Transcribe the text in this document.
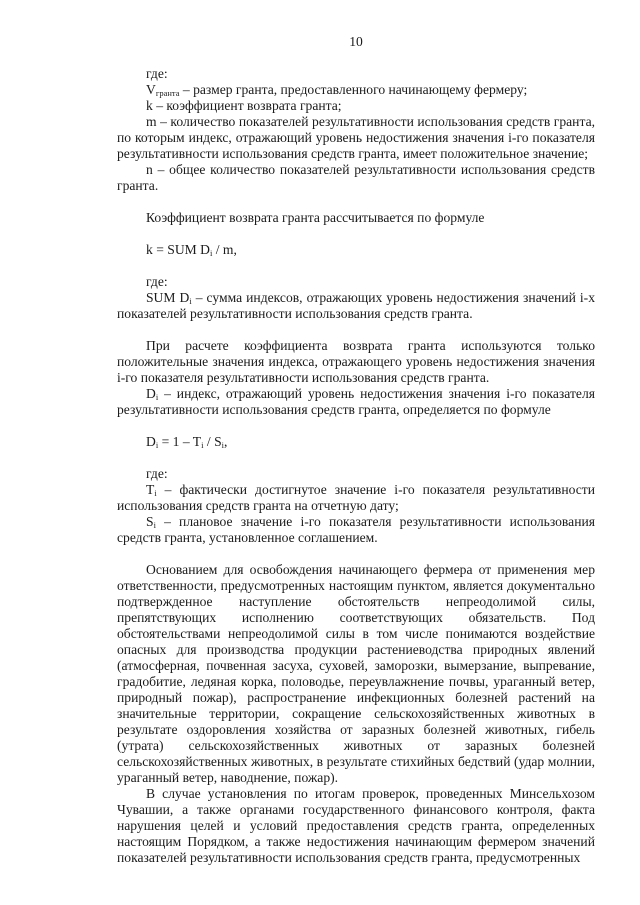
10

где:

$V_{гранта}$ – размер гранта, предоставленного начинающему фермеру;

k – коэффициент возврата гранта;

m – количество показателей результативности использования средств гранта, по которым индекс, отражающий уровень недостижения значения i-го показателя результативности использования средств гранта, имеет положительное значение;

n – общее количество показателей результативности использования средств гранта.

Коэффициент возврата гранта рассчитывается по формуле

k = SUM $D_i$ / m,

где:

SUM $D_i$ – сумма индексов, отражающих уровень недостижения значений i-х показателей результативности использования средств гранта.

При расчете коэффициента возврата гранта используются только положительные значения индекса, отражающего уровень недостижения значения i-го показателя результативности использования средств гранта.

$D_i$ – индекс, отражающий уровень недостижения значения i-го показателя результативности использования средств гранта, определяется по формуле

$D_i = 1 - T_i / S_i$,

где:

$T_i$ – фактически достигнутое значение i-го показателя результативности использования средств гранта на отчетную дату;

$S_i$ – плановое значение i-го показателя результативности использования средств гранта, установленное соглашением.

Основанием для освобождения начинающего фермера от применения мер ответственности, предусмотренных настоящим пунктом, является документально подтвержденное наступление обстоятельств непреодолимой силы, препятствующих исполнению соответствующих обязательств. Под обстоятельствами непреодолимой силы в том числе понимаются воздействие опасных для производства продукции растениеводства природных явлений (атмосферная, почвенная засуха, суховей, заморозки, вымерзание, выпревание, градобитие, ледяная корка, половодье, переувлажнение почвы, ураганный ветер, природный пожар), распространение инфекционных болезней растений на значительные территории, сокращение сельскохозяйственных животных в результате оздоровления хозяйства от заразных болезней животных, гибель (утрата) сельскохозяйственных животных от заразных болезней сельскохозяйственных животных, в результате стихийных бедствий (удар молнии, ураганный ветер, наводнение, пожар).

В случае установления по итогам проверок, проведенных Минсельхозом Чувашии, а также органами государственного финансового контроля, факта нарушения целей и условий предоставления средств гранта, определенных настоящим Порядком, а также недостижения начинающим фермером значений показателей результативности использования средств гранта, предусмотренных
